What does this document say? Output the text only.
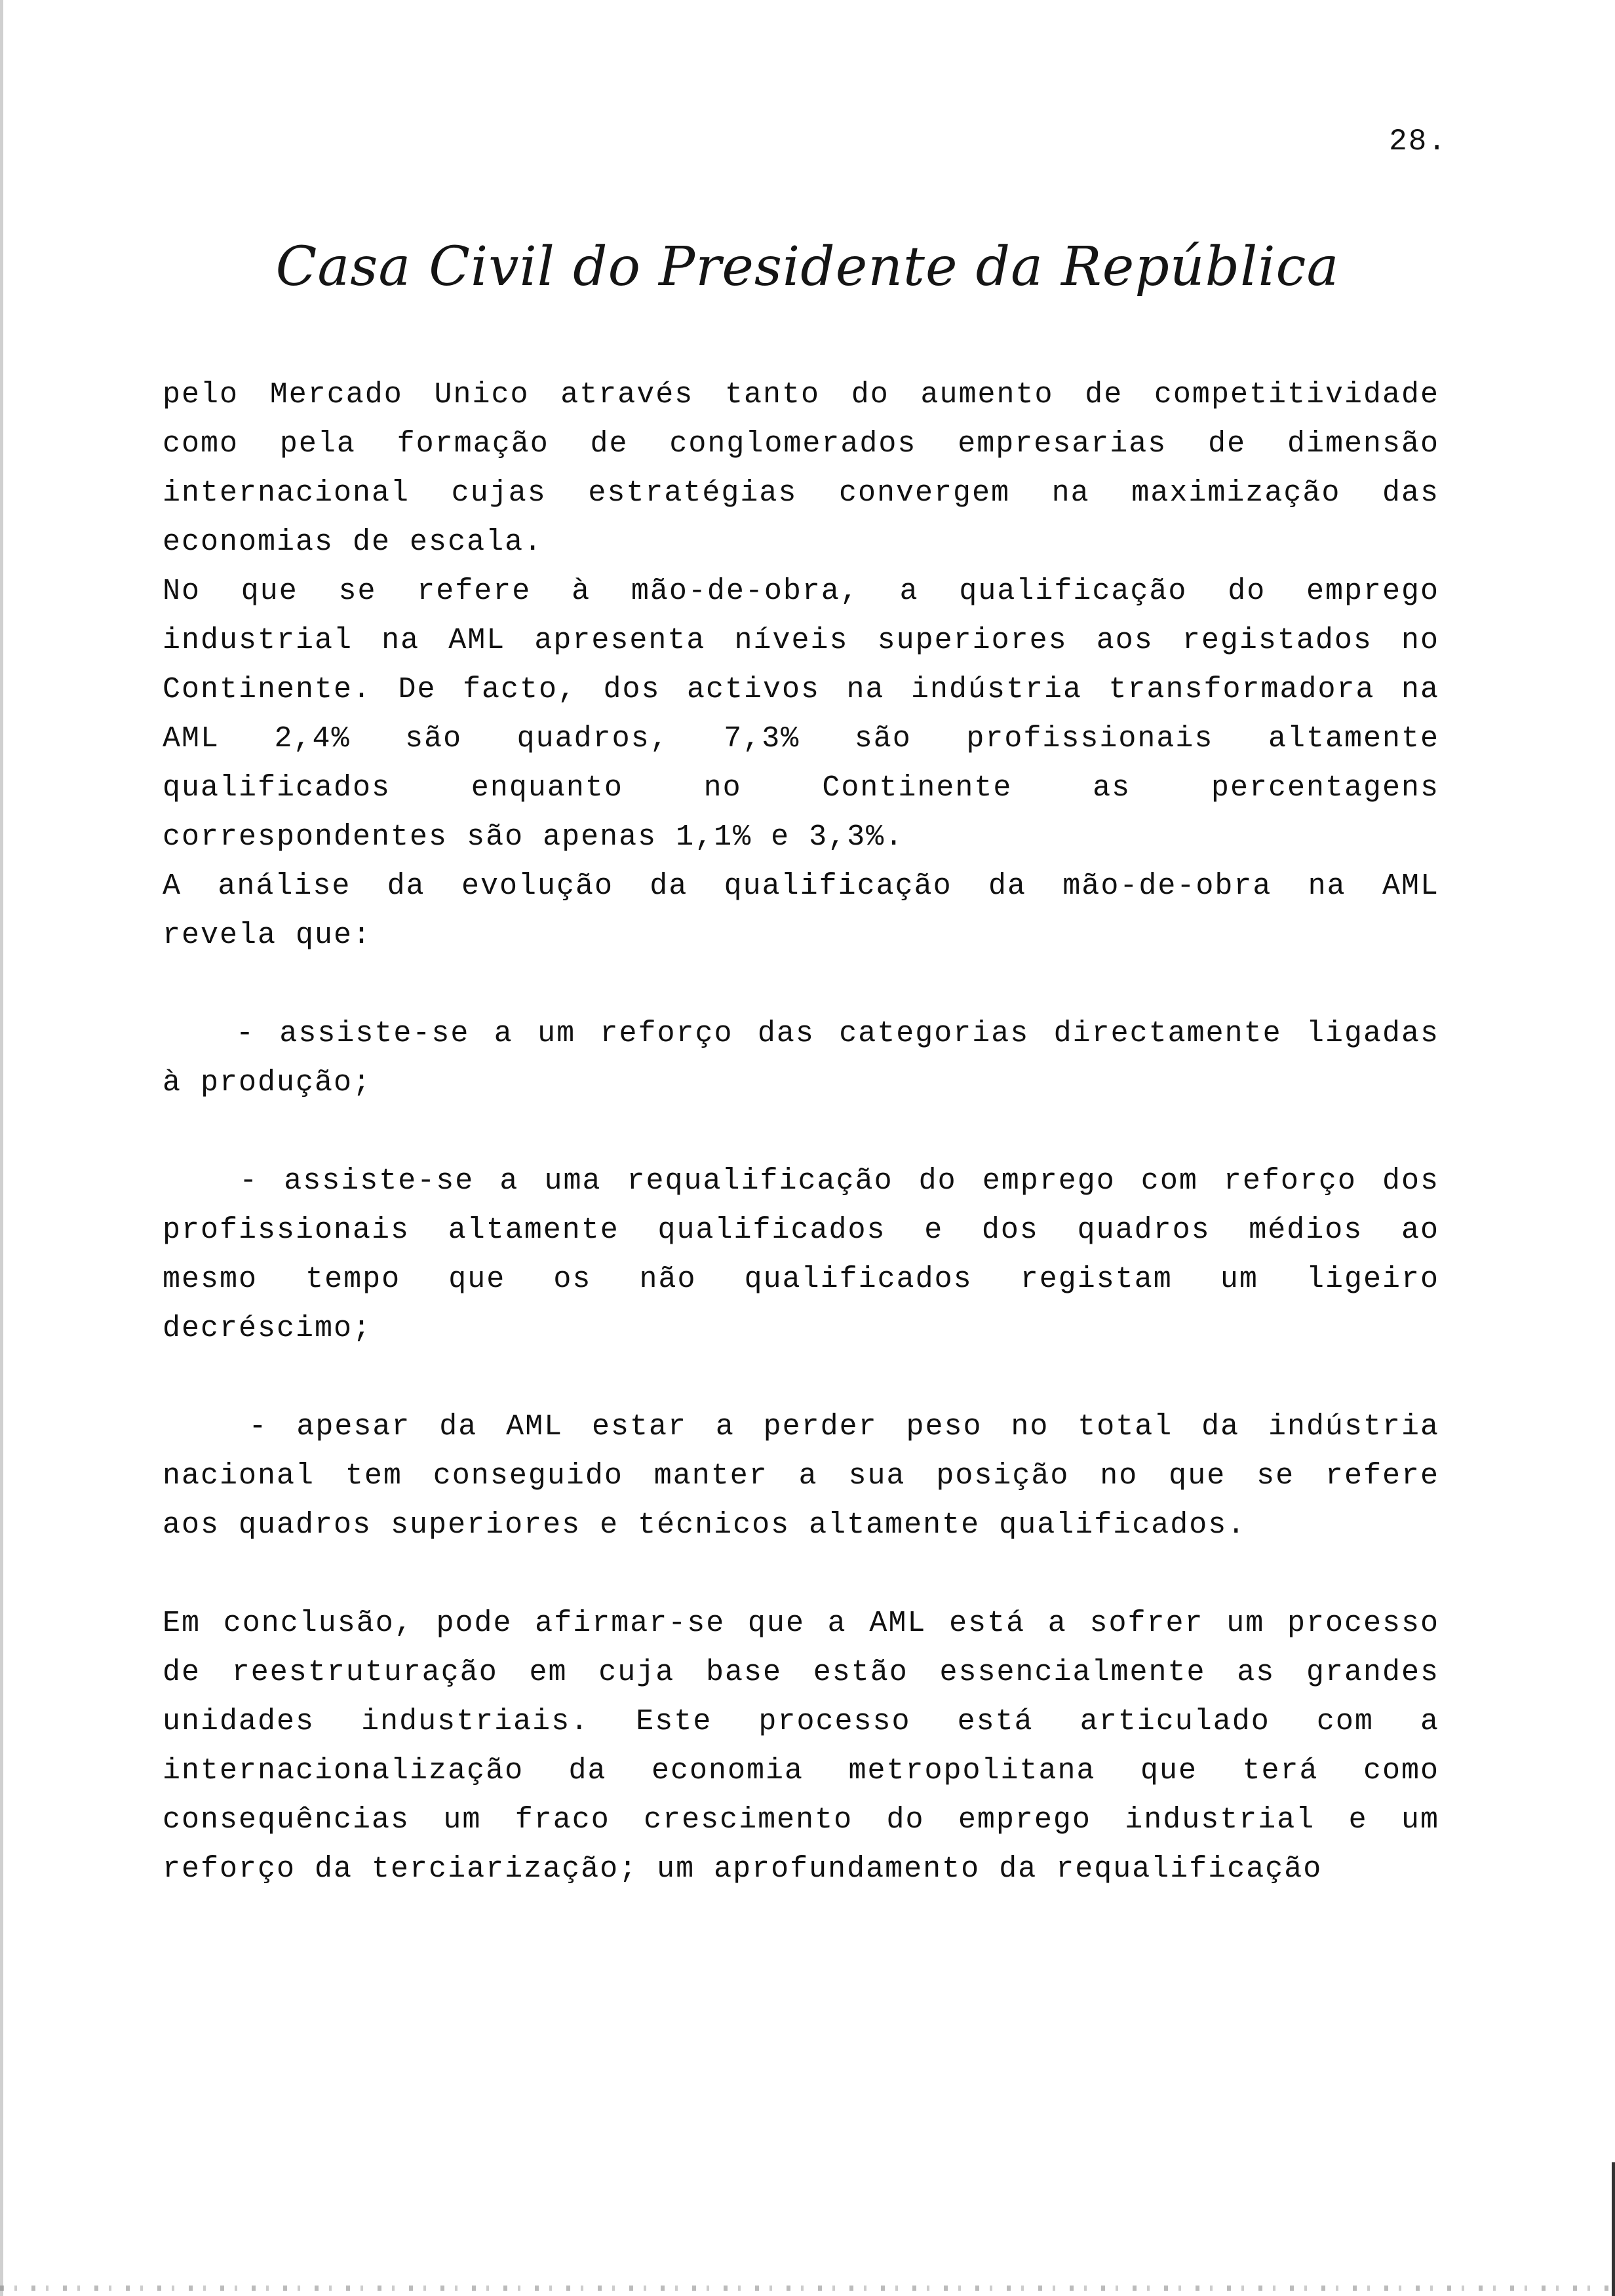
28.
Casa Civil do Presidente da República
pelo Mercado Unico através tanto do aumento de competitividade
como pela formação de conglomerados empresarias de dimensão
internacional cujas estratégias convergem na maximização das
economias de escala.
No que se refere à mão-de-obra, a qualificação do emprego
industrial na AML apresenta níveis superiores aos registados no
Continente. De facto, dos activos na indústria transformadora na
AML 2,4% são quadros, 7,3% são profissionais altamente
qualificados enquanto no Continente as percentagens
correspondentes são apenas 1,1% e 3,3%.
A análise da evolução da qualificação da mão-de-obra na AML
revela que:
- assiste-se a um reforço das categorias directamente ligadas
à produção;
- assiste-se a uma requalificação do emprego com reforço dos
profissionais altamente qualificados e dos quadros médios ao
mesmo tempo que os não qualificados registam um ligeiro
decréscimo;
- apesar da AML estar a perder peso no total da indústria
nacional tem conseguido manter a sua posição no que se refere
aos quadros superiores e técnicos altamente qualificados.
Em conclusão, pode afirmar-se que a AML está a sofrer um processo
de reestruturação em cuja base estão essencialmente as grandes
unidades industriais. Este processo está articulado com a
internacionalização da economia metropolitana que terá como
consequências um fraco crescimento do emprego industrial e um
reforço da terciarização; um aprofundamento da requalificação
